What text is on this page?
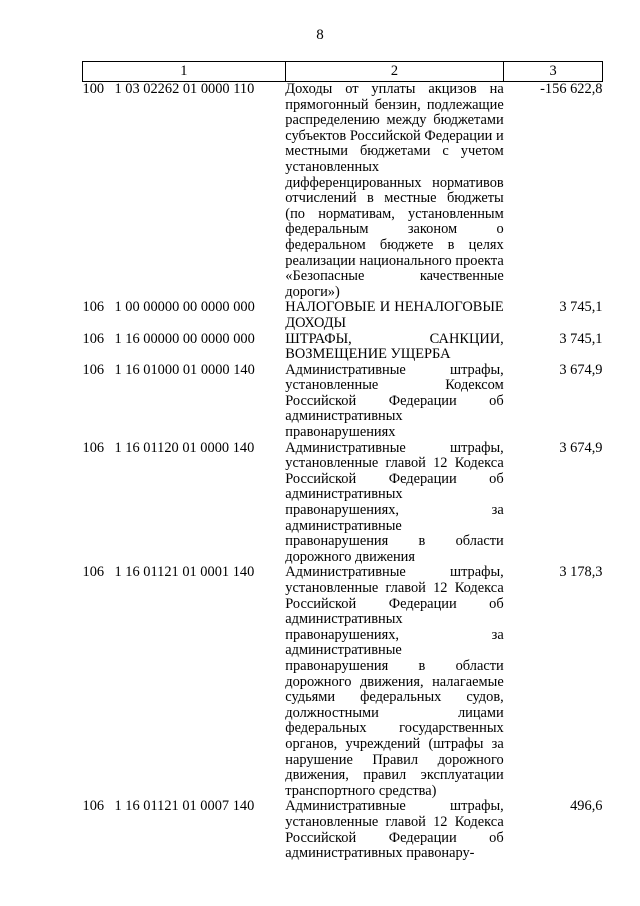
8
1	2	3
100 1 03 02262 01 0000 110	Доходы от уплаты акцизов на прямогонный бензин, подлежащие распределению между бюджетами субъектов Российской Федерации и местными бюджетами с учетом установленных дифференцированных нормативов отчислений в местные бюджеты (по нормативам, установленным федеральным законом о федеральном бюджете в целях реализации национального проекта «Безопасные качественные дороги»)	-156 622,8
106 1 00 00000 00 0000 000	НАЛОГОВЫЕ И НЕНАЛОГОВЫЕ ДОХОДЫ	3 745,1
106 1 16 00000 00 0000 000	ШТРАФЫ, САНКЦИИ, ВОЗМЕЩЕНИЕ УЩЕРБА	3 745,1
106 1 16 01000 01 0000 140	Административные штрафы, установленные Кодексом Российской Федерации об административных правонарушениях	3 674,9
106 1 16 01120 01 0000 140	Административные штрафы, установленные главой 12 Кодекса Российской Федерации об административных правонарушениях, за административные правонарушения в области дорожного движения	3 674,9
106 1 16 01121 01 0001 140	Административные штрафы, установленные главой 12 Кодекса Российской Федерации об административных правонарушениях, за административные правонарушения в области дорожного движения, налагаемые судьями федеральных судов, должностными лицами федеральных государственных органов, учреждений (штрафы за нарушение Правил дорожного движения, правил эксплуатации транспортного средства)	3 178,3
106 1 16 01121 01 0007 140	Административные штрафы, установленные главой 12 Кодекса Российской Федерации об административных правонару-	496,6
